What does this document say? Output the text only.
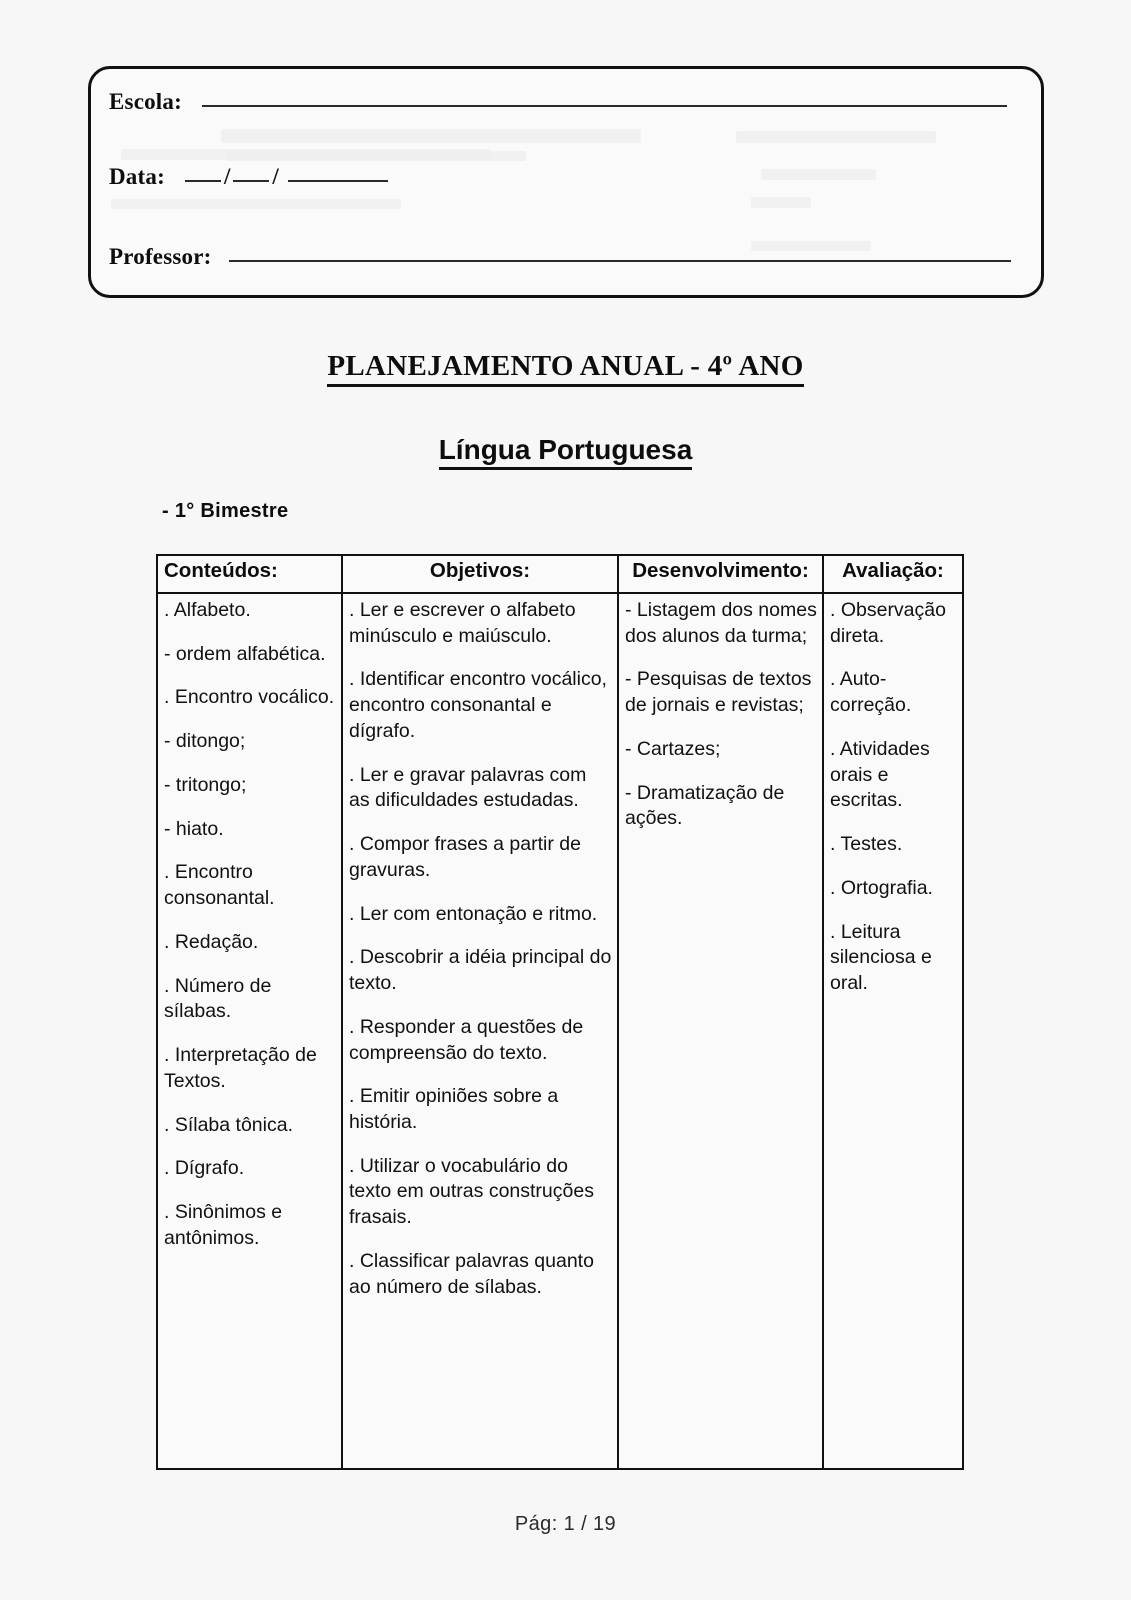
Escola:
Data:	/ /
Professor:
PLANEJAMENTO ANUAL - 4º ANO
Língua Portuguesa
- 1° Bimestre
Conteúdos:	Objetivos:	Desenvolvimento:	Avaliação:

. Alfabeto.
- ordem alfabética.
. Encontro vocálico.
- ditongo;
- tritongo;
- hiato.
. Encontro consonantal.
. Redação.
. Número de sílabas.
. Interpretação de Textos.
. Sílaba tônica.
. Dígrafo.
. Sinônimos e antônimos.

. Ler e escrever o alfabeto minúsculo e maiúsculo.
. Identificar encontro vocálico, encontro consonantal e dígrafo.
. Ler e gravar palavras com as dificuldades estudadas.
. Compor frases a partir de gravuras.
. Ler com entonação e ritmo.
. Descobrir a idéia principal do texto.
. Responder a questões de compreensão do texto.
. Emitir opiniões sobre a história.
. Utilizar o vocabulário do texto em outras construções frasais.
. Classificar palavras quanto ao número de sílabas.

- Listagem dos nomes dos alunos da turma;
- Pesquisas de textos de jornais e revistas;
- Cartazes;
- Dramatização de ações.

. Observação direta.
. Auto-correção.
. Atividades orais e escritas.
. Testes.
. Ortografia.
. Leitura silenciosa e oral.
Pág: 1 / 19
